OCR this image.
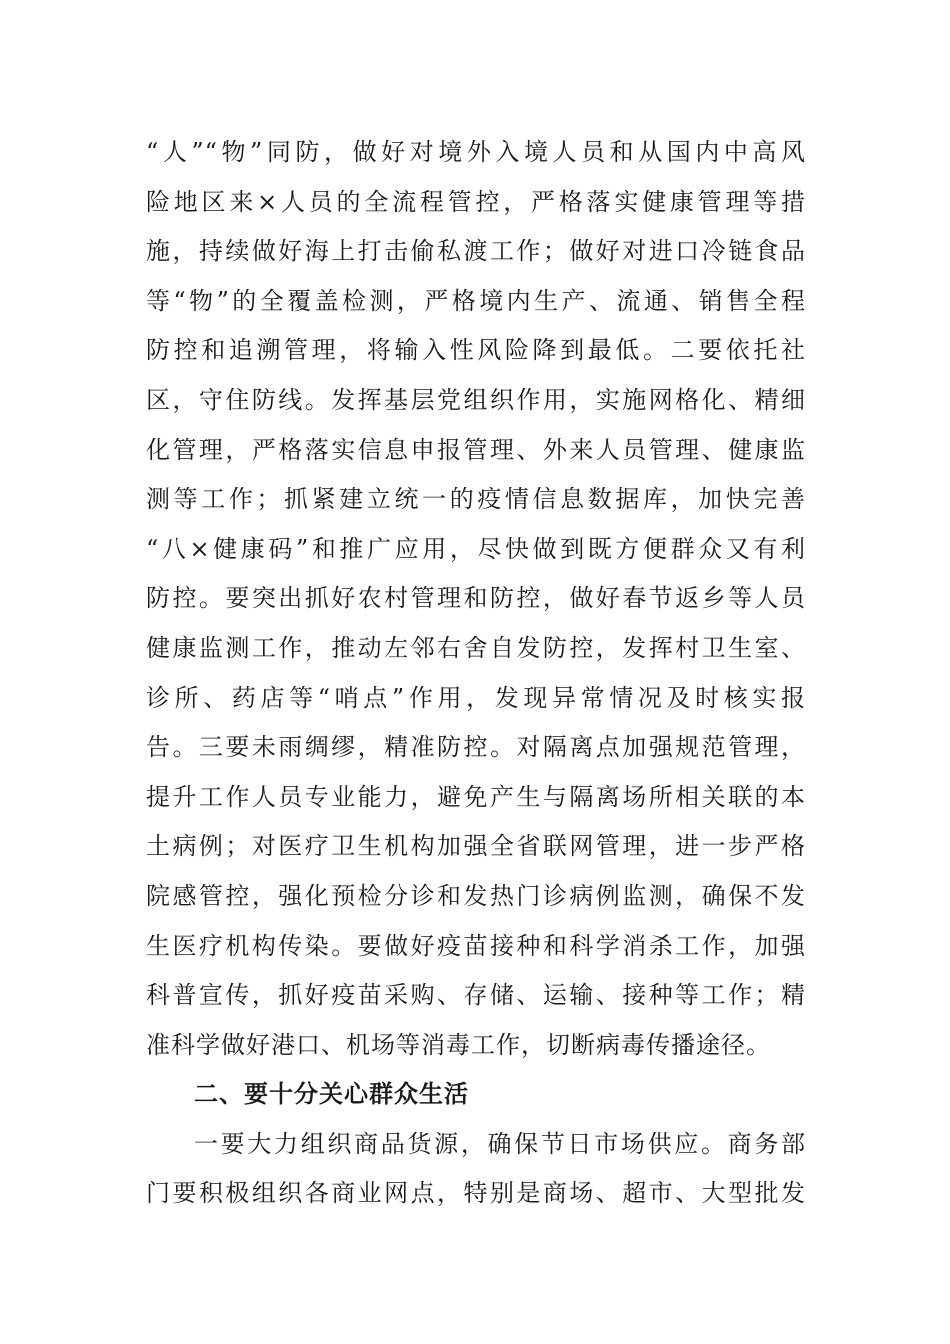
“人”“物”同防，做好对境外入境人员和从国内中高风
险地区来×人员的全流程管控，严格落实健康管理等措
施，持续做好海上打击偷私渡工作；做好对进口冷链食品
等“物”的全覆盖检测，严格境内生产、流通、销售全程
防控和追溯管理，将输入性风险降到最低。二要依托社
区，守住防线。发挥基层党组织作用，实施网格化、精细
化管理，严格落实信息申报管理、外来人员管理、健康监
测等工作；抓紧建立统一的疫情信息数据库，加快完善
“八×健康码”和推广应用，尽快做到既方便群众又有利
防控。要突出抓好农村管理和防控，做好春节返乡等人员
健康监测工作，推动左邻右舍自发防控，发挥村卫生室、
诊所、药店等“哨点”作用，发现异常情况及时核实报
告。三要未雨绸缪，精准防控。对隔离点加强规范管理，
提升工作人员专业能力，避免产生与隔离场所相关联的本
土病例；对医疗卫生机构加强全省联网管理，进一步严格
院感管控，强化预检分诊和发热门诊病例监测，确保不发
生医疗机构传染。要做好疫苗接种和科学消杀工作，加强
科普宣传，抓好疫苗采购、存储、运输、接种等工作；精
准科学做好港口、机场等消毒工作，切断病毒传播途径。
二、要十分关心群众生活
一要大力组织商品货源，确保节日市场供应。商务部
门要积极组织各商业网点，特别是商场、超市、大型批发
